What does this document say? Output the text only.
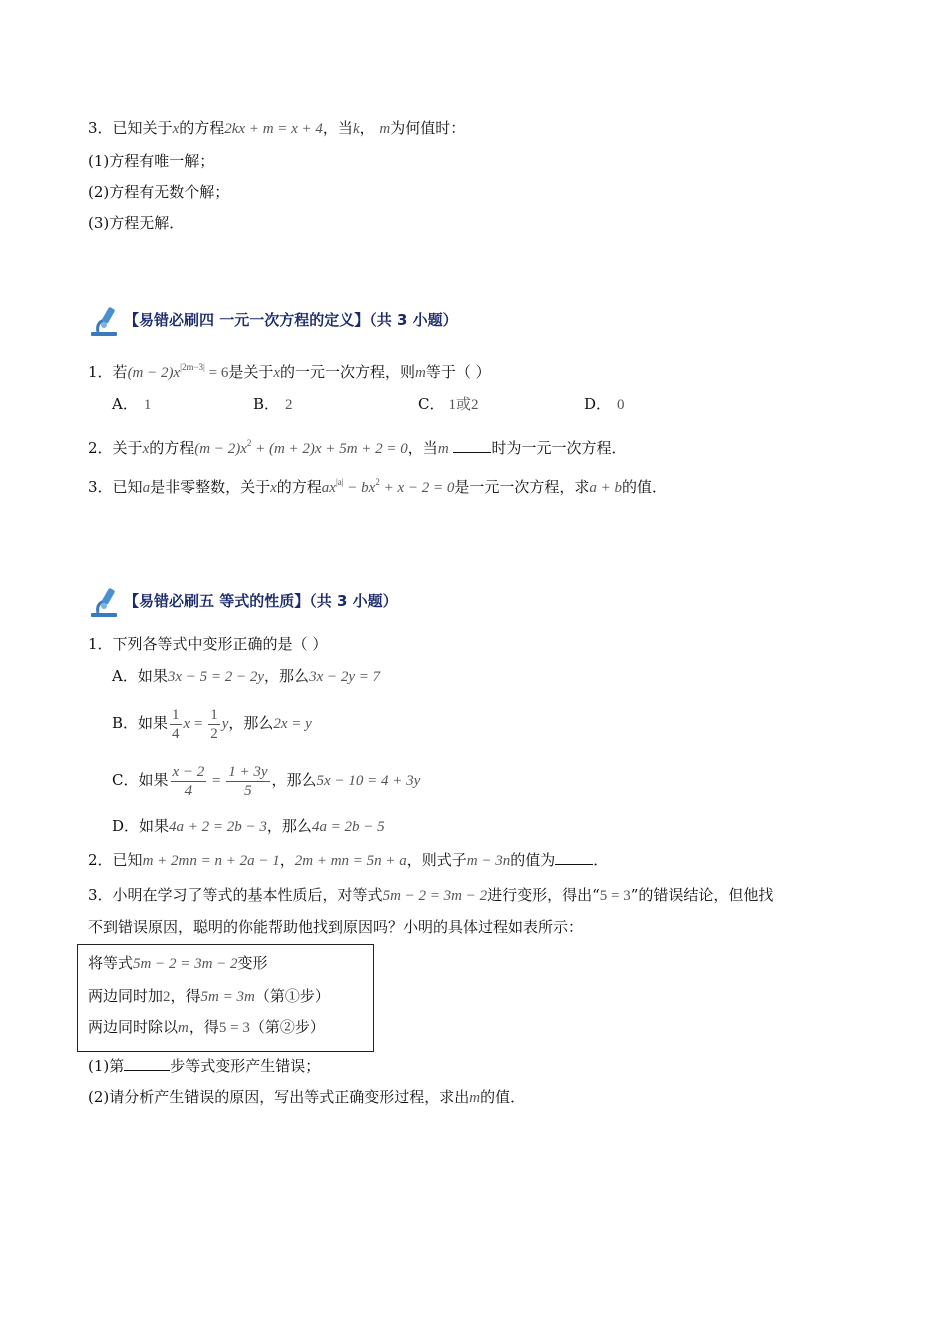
3．已知关于x的方程2kx + m = x + 4，当k， m为何值时：
(1)方程有唯一解；
(2)方程有无数个解；
(3)方程无解．
【易错必刷四 一元一次方程的定义】（共 3 小题）
1．若$(m - 2)x^{|2m-3|} = 6$是关于x的一元一次方程，则m等于（ ）
A． 1	B． 2	C． 1或2	D． 0
2．关于x的方程$(m - 2)x^2 + (m + 2)x + 5m + 2 = 0$，当m	时为一元一次方程．
3．已知a是非零整数，关于x的方程$ax^{|a|} - bx^2 + x - 2 = 0$是一元一次方程，求a + b的值．
【易错必刷五 等式的性质】（共 3 小题）
1．下列各等式中变形正确的是（ ）
A．如果3x − 5 = 2 − 2y，那么3x − 2y = 7
B．如果 $\frac{1}{4}$ $x = \frac{1}{2}$ y，那么2x = y
C．如果 $\frac{x - 2}{4} = \frac{1 + 3y}{5}$ ，那么5x − 10 = 4 + 3y
D．如果4a + 2 = 2b − 3，那么4a = 2b − 5
2．已知m + 2mn = n + 2a − 1，2m + mn = 5n + a，则式子m − 3n的值为	．
3．小明在学习了等式的基本性质后，对等式5m − 2 = 3m − 2进行变形，得出“5 = 3”的错误结论，但他找
不到错误原因，聪明的你能帮助他找到原因吗？小明的具体过程如表所示：
将等式5m − 2 = 3m − 2变形
两边同时加2，得5m = 3m（第①步）
两边同时除以m，得5 = 3（第②步）
(1)第	步等式变形产生错误；
(2)请分析产生错误的原因，写出等式正确变形过程，求出m的值．
